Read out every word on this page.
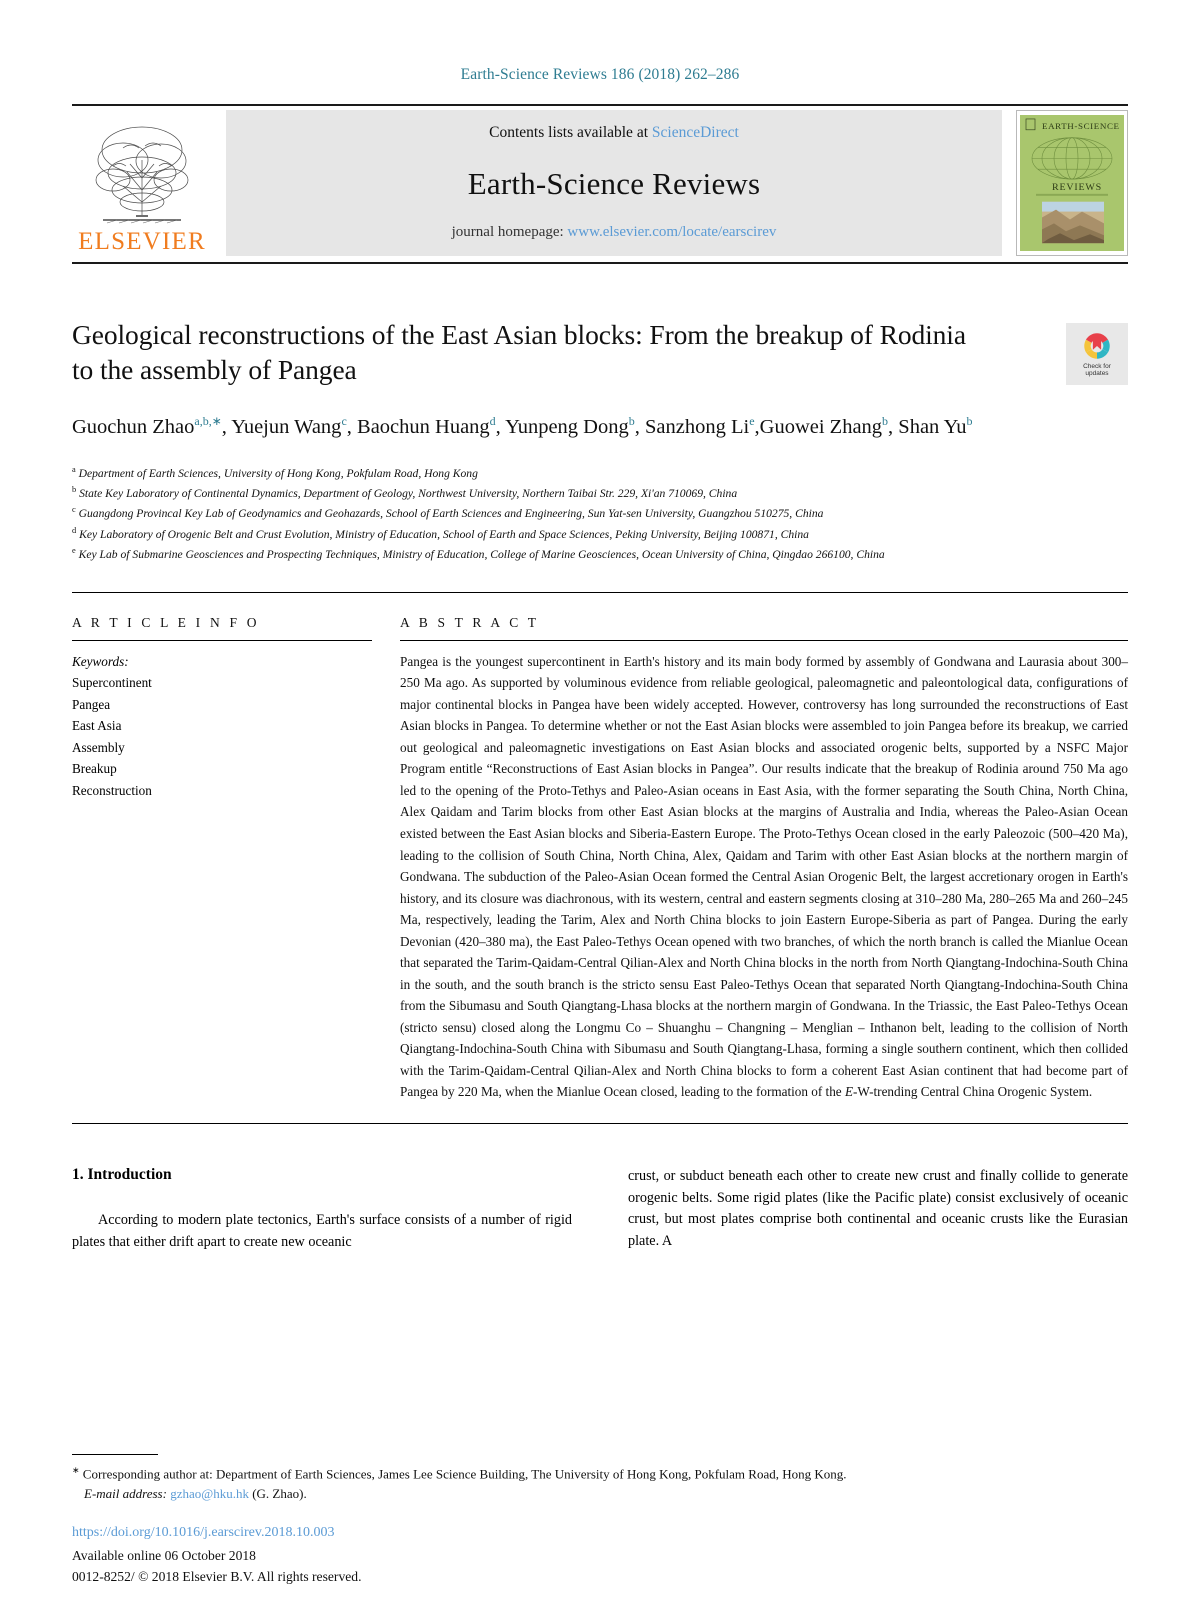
Earth-Science Reviews 186 (2018) 262–286
ELSEVIER
Contents lists available at ScienceDirect
Earth-Science Reviews
journal homepage: www.elsevier.com/locate/earscirev
EARTH-SCIENCE
REVIEWS
Check for
updates
Geological reconstructions of the East Asian blocks: From the breakup of Rodinia to the assembly of Pangea
Guochun Zhao$^{a,b,∗}$, Yuejun Wang$^c$, Baochun Huang$^d$, Yunpeng Dong$^b$, Sanzhong Li$^e$,Guowei Zhang$^b$, Shan Yu$^b$
$^a$ Department of Earth Sciences, University of Hong Kong, Pokfulam Road, Hong Kong
$^b$ State Key Laboratory of Continental Dynamics, Department of Geology, Northwest University, Northern Taibai Str. 229, Xi'an 710069, China
$^c$ Guangdong Provincal Key Lab of Geodynamics and Geohazards, School of Earth Sciences and Engineering, Sun Yat-sen University, Guangzhou 510275, China
$^d$ Key Laboratory of Orogenic Belt and Crust Evolution, Ministry of Education, School of Earth and Space Sciences, Peking University, Beijing 100871, China
$^e$ Key Lab of Submarine Geosciences and Prospecting Techniques, Ministry of Education, College of Marine Geosciences, Ocean University of China, Qingdao 266100, China
A R T I C L E I N F O
Keywords:
Supercontinent
Pangea
East Asia
Assembly
Breakup
Reconstruction
A B S T R A C T
Pangea is the youngest supercontinent in Earth's history and its main body formed by assembly of Gondwana and Laurasia about 300–250 Ma ago. As supported by voluminous evidence from reliable geological, paleomagnetic and paleontological data, configurations of major continental blocks in Pangea have been widely accepted. However, controversy has long surrounded the reconstructions of East Asian blocks in Pangea. To determine whether or not the East Asian blocks were assembled to join Pangea before its breakup, we carried out geological and paleomagnetic investigations on East Asian blocks and associated orogenic belts, supported by a NSFC Major Program entitle “Reconstructions of East Asian blocks in Pangea”. Our results indicate that the breakup of Rodinia around 750 Ma ago led to the opening of the Proto-Tethys and Paleo-Asian oceans in East Asia, with the former separating the South China, North China, Alex Qaidam and Tarim blocks from other East Asian blocks at the margins of Australia and India, whereas the Paleo-Asian Ocean existed between the East Asian blocks and Siberia-Eastern Europe. The Proto-Tethys Ocean closed in the early Paleozoic (500–420 Ma), leading to the collision of South China, North China, Alex, Qaidam and Tarim with other East Asian blocks at the northern margin of Gondwana. The subduction of the Paleo-Asian Ocean formed the Central Asian Orogenic Belt, the largest accretionary orogen in Earth's history, and its closure was diachronous, with its western, central and eastern segments closing at 310–280 Ma, 280–265 Ma and 260–245 Ma, respectively, leading the Tarim, Alex and North China blocks to join Eastern Europe-Siberia as part of Pangea. During the early Devonian (420–380 ma), the East Paleo-Tethys Ocean opened with two branches, of which the north branch is called the Mianlue Ocean that separated the Tarim-Qaidam-Central Qilian-Alex and North China blocks in the north from North Qiangtang-Indochina-South China in the south, and the south branch is the stricto sensu East Paleo-Tethys Ocean that separated North Qiangtang-Indochina-South China from the Sibumasu and South Qiangtang-Lhasa blocks at the northern margin of Gondwana. In the Triassic, the East Paleo-Tethys Ocean (stricto sensu) closed along the Longmu Co – Shuanghu – Changning – Menglian – Inthanon belt, leading to the collision of North Qiangtang-Indochina-South China with Sibumasu and South Qiangtang-Lhasa, forming a single southern continent, which then collided with the Tarim-Qaidam-Central Qilian-Alex and North China blocks to form a coherent East Asian continent that had become part of Pangea by 220 Ma, when the Mianlue Ocean closed, leading to the formation of the E-W-trending Central China Orogenic System.
1. Introduction

According to modern plate tectonics, Earth's surface consists of a number of rigid plates that either drift apart to create new oceanic

crust, or subduct beneath each other to create new crust and finally collide to generate orogenic belts. Some rigid plates (like the Pacific plate) consist exclusively of oceanic crust, but most plates comprise both continental and oceanic crusts like the Eurasian plate. A

∗ Corresponding author at: Department of Earth Sciences, James Lee Science Building, The University of Hong Kong, Pokfulam Road, Hong Kong.
E-mail address: gzhao@hku.hk (G. Zhao).
https://doi.org/10.1016/j.earscirev.2018.10.003
Available online 06 October 2018
0012-8252/ © 2018 Elsevier B.V. All rights reserved.
